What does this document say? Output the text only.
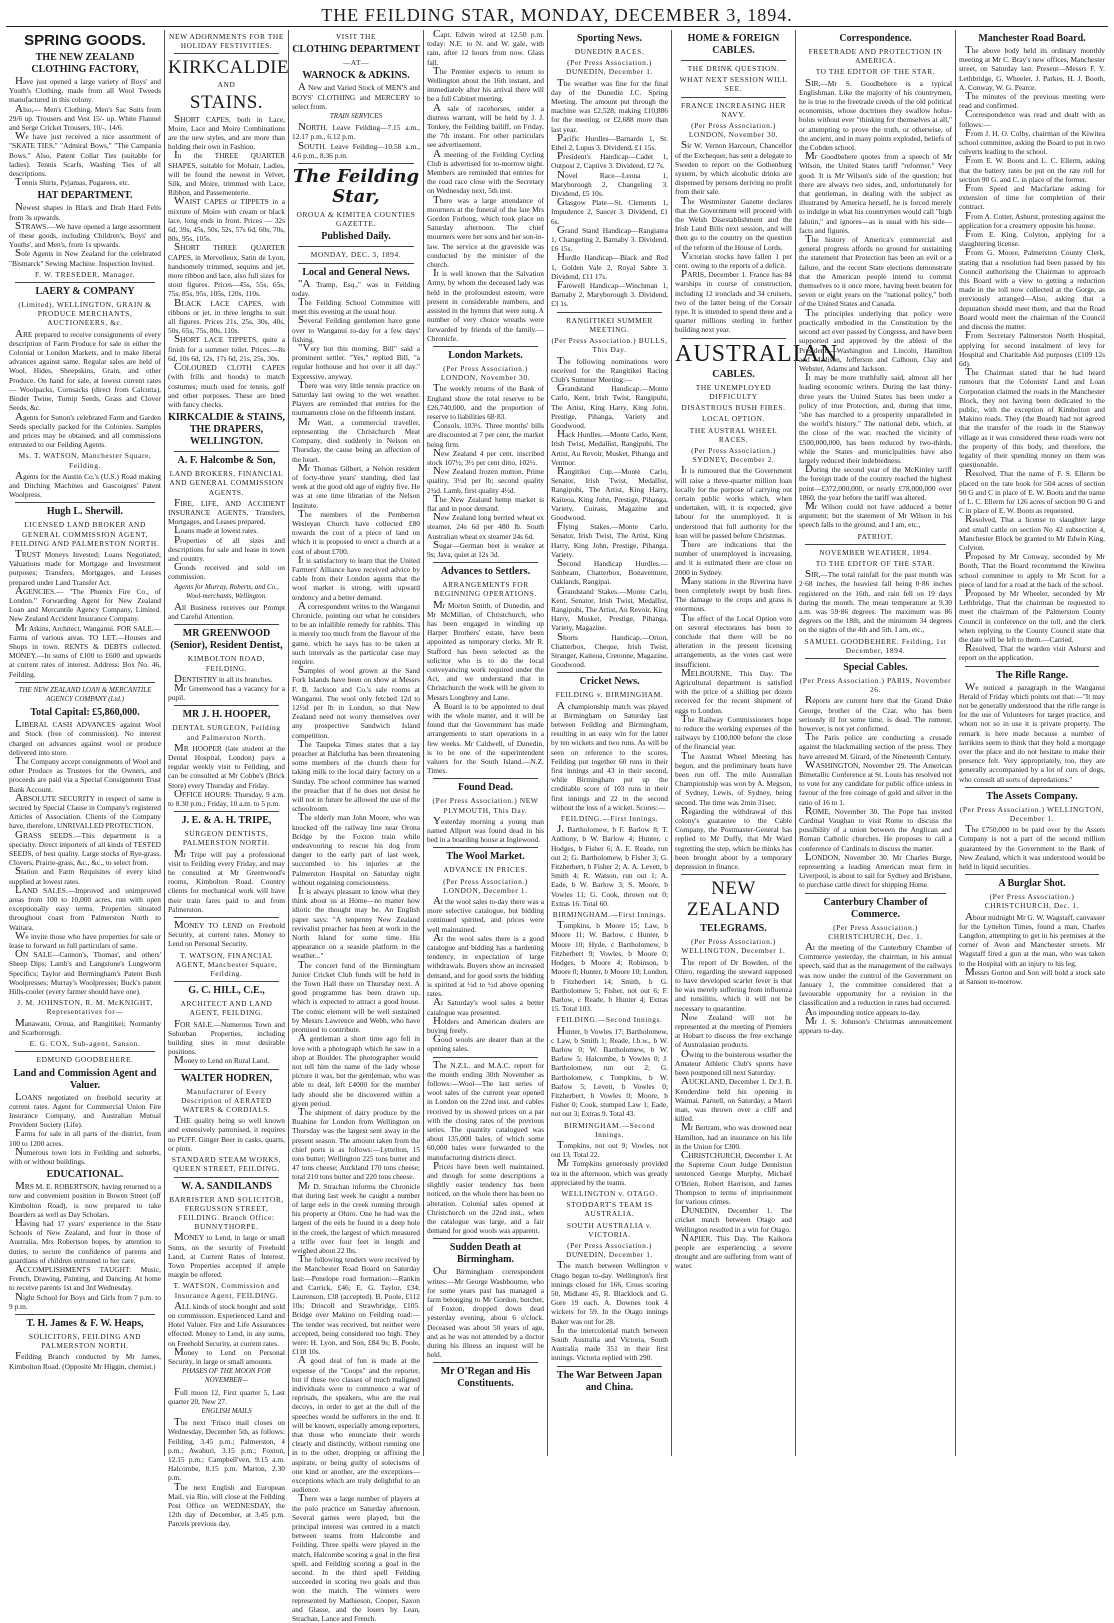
THE FEILDING STAR, MONDAY, DECEMBER 3, 1894.
SPRING GOODS.
THE NEW ZEALAND CLOTHING FACTORY,
Have just opened a large variety of Boys' and Youth's Clothing, made from all Wool Tweeds manufactured in this colony.
Also,— Men's Clothing, Men's Sac Suits from 29/6 up. Trousers and Vest 15/- up. White Flannel and Serge Cricket Trousers, 10/-, 14/6.
We have just received a nice assortment of "SKATE TIES." "Admiral Bows," "The Campania Bows." Also, Patent Collar Ties (suitable for ladies). Tennis Scarfs, Washing Ties of all descriptions.
Tennis Shirts, Pyjamas, Pugarees, etc.
HAT DEPARTMENT.
Newest shapes in Black and Drab Hard Felts from 3s upwards.
STRAWS.—We have opened a large assortment of these goods, including Children's, Boys' and Youths', and Men's, from 1s upwards.
Sole Agents in New Zealand for the celebrated "Bismarck" Sewing Machine. Inspection Invited.
F. W. TRESEDER, Manager.
LAERY & COMPANY
(Limited), WELLINGTON, GRAIN & PRODUCE MERCHANTS, AUCTIONEERS, &c.
ARE prepared to receive consignments of every description of Farm Produce for sale in either the Colonial or London Markets, and to make liberal advances against same. Regular sales are held of Wool, Hides, Sheepskins, Grain, and other Produce. On hand for sale, at lowest current rates — Woolpacks, Cornsacks (direct from Calcutta), Binder Twine, Turnip Seeds, Grass and Clover Seeds, &c.
Agents for Sutton's celebrated Farm and Garden Seeds specially packed for the Colonies. Samples and prices may be obtained, and all commissions entrusted to our Feilding Agents.
Ms. T. WATSON, Manchester Square, Feilding.
Agents for the Austin Co.'s (U.S.) Road making and Ditching Machines and Gascoignes' Patent Woolpress.
Hugh L. Sherwill.
LICENSED LAND BROKER AND GENERAL COMMISSION AGENT, FEILDING AND PALMERSTON NORTH.
TRUST Moneys Invested; Loans Negotiated; Valuations made for Mortgage and Investment purposes; Transfers, Mortgages, and Leases prepared under Land Transfer Act.
AGENCIES.— "The Phœnix Fire Co., of London." Forwarding Agent for New Zealand Loan and Mercantile Agency Company, Limited. New Zealand Accident Insurance Company.
Mr Atkins, Architect, Wanganui. FOR SALE.—Farms of various areas. TO LET.—Houses and Shops in town. RENTS & DEBTS collected. MONEY.—In sums of £100 to £600 and upwards at current rates of interest. Address: Box No. 46, Feilding.
THE NEW ZEALAND LOAN & MERCANTILE AGENCY COMPANY (Ltd.)
Total Capital: £5,860,000.
LIBERAL CASH ADVANCES against Wool and Stock (free of commission). No interest charged on advances against wool or produce delivered into store.
The Company accept consignments of Wool and other Produce as Trustees for the Owners, and proceeds are paid via a Special Consignment Trust Bank Account.
ABSOLUTE SECURITY in respect of same is secured by Special Clause in Company's registered Articles of Association. Clients of the Company have, therefore, UNRIVALLED PROTECTION.
GRASS SEEDS.—This department is a specialty. Direct importers of all kinds of TESTED SEEDS, of best quality. Large stocks of Rye-grass, Clovers, Prairie-grass, &c., &c., to select from.
Station and Farm Requisites of every kind supplied at lowest rates.
LAND SALES.—Improved and unimproved areas from 100 to 10,000 acres, run with open exceptionally easy terms. Properties situated throughout coast from Palmerston North to Waitara.
We invite those who have properties for sale or lease to forward us full particulars of same.
ON SALE—Cannon's, Thomas', and others' Sheep Dips; Lamb's and Langstone's Lungworm Specifics; Taylor and Bermingham's Patent Bush Woolpresses; Murray's Woolpresses; Buck's patent Hills-cooler (every farmer should have one).
J. M. JOHNSTON, R. M. McKNIGHT, Representatives for—
Manawatu, Oroua, and Rangitikei; Normanby and Scarborough.
E. G. COX, Sub-agent, Sanson.
EDMUND GOODBEHERE.
Land and Commission Agent and Valuer.
LOANS negotiated on freehold security at current rates. Agent for Commercial Union Fire Insurance Company, and Australian Mutual Provident Society (Life).
Farms for sale in all parts of the district, from 100 to 1200 acres.
Numerous town lots in Feilding and suburbs, with or without buildings.
EDUCATIONAL.
MRS M. E. ROBERTSON, having returned to a new and convenient position in Bowen Street (off Kimbolton Road), is now prepared to take Boarders as well as Day Scholars.
Having had 17 years' experience in the State Schools of New Zealand, and four in those of Australia, Mrs Robertson hopes, by attention to duties, to secure the confidence of parents and guardians of children entrusted to her care.
ACCOMPLISHMENTS TAUGHT: Music, French, Drawing, Painting, and Dancing. At home to receive parents 1st and 3rd Wednesday.
Night School for Boys and Girls from 7 p.m. to 9 p.m.
T. H. James & F. W. Heaps,
SOLICITORS, FEILDING AND PALMERSTON NORTH.
Feilding Branch conducted by Mr James, Kimbolton Road. (Opposite Mr Higgin, chemist.)
NEW ADORNMENTS FOR THE HOLIDAY FESTIVITIES.
KIRKCALDIE
AND
STAINS.
SHORT CAPES, both in Lace, Moire, Lace and Moire Combinations are the new styles, and are more than holding their own in Fashion.
In the THREE QUARTER SHAPES, suitable for Mohair, Ladies, will be found the newest in Velvet, Silk, and Moire, trimmed with Lace, Ribbon, and Passementerie.
WAIST CAPES or TIPPETS in a mixture of Moire with cream or black lace, long ends in front. Prices — 32s 6d, 39s, 45s, 50s, 52s, 57s 6d, 60s, 70s, 80s, 95s, 105s.
SHORT THREE QUARTER CAPES, in Mervelleux, Satin de Lyon, handsomely trimmed, sequins and jet, more ribbon and lace, also full sizes for stout figures. Prices—45s, 55s, 65s, 75s, 85s, 95s, 105s, 120s, 110s.
BLACK LACE CAPES, with ribbons or jet, in three lengths to suit all figures. Prices 21s, 25s, 30s, 40s, 50s, 65s, 75s, 80s, 110s.
SHORT LACE TIPPETS, quite a finish for a summer toilet. Prices.—8s 6d, 10s 6d, 12s, 17s 6d, 21s, 25s, 30s.
COLOURED CLOTH CAPES (with frills and hoods) to match costumes; much used for tennis, golf and other purposes. These are lined with fancy checks.
KIRKCALDIE & STAINS, THE DRAPERS, WELLINGTON.
A. F. Halcombe & Son,
LAND BROKERS, FINANCIAL AND GENERAL COMMISSION AGENTS.
FIRE, LIFE, AND ACCIDENT INSURANCE AGENTS, Transfers, Mortgages, and Leases prepared.
Loans made at lowest rates.
Properties of all sizes and descriptions for sale and lease in town and country.
Goods received and sold on commission.
Agents for Murray, Roberts, and Co., Wool-merchants, Wellington.
All Business receives our Prompt and Careful Attention.
MR GREENWOOD (Senior), Resident Dentist,
KIMBOLTON ROAD, FEILDING.
DENTISTRY in all its branches.
Mr Greenwood has a vacancy for a pupil.
MR J. H. HOOPER,
DENTAL SURGEON, Feilding and Palmerston North.
MR HOOPER (late student at the Dental Hospital, London) pays a regular weekly visit to Feilding, and can be consulted at Mr Cobbe's (Brick Store) every Thursday and Friday.
OFFICE HOURS: Thursday, 9 a.m. to 8.30 p.m.; Friday, 10 a.m. to 5 p.m.
J. E. & A. H. TRIPE,
SURGEON DENTISTS, PALMERSTON NORTH.
Mr Tripe will pay a professional visit to Feilding every Friday, and may be consulted at Mr Greenwood's rooms, Kimbolton Road. Country clients for mechanical work will have their train fares paid to and from Palmerston.
MONEY TO LEND on Freehold Security, at current rates. Money to Lend on Personal Security.
T. WATSON, FINANCIAL AGENT, Manchester Square, Feilding.
G. C. HILL, C.E.,
ARCHITECT AND LAND AGENT, FEILDING.
FOR SALE.—Numerous Town and Suburban Properties, including building sites in most desirable positions.
Money to Lend on Rural Land.
WALTER HODREN,
Manufacturer of Every Description of AERATED WATERS & CORDIALS.
THE quality being so well known and extensively patronised, it requires no PUFF. Ginger Beer in casks, quarts, or pints.
STANDARD STEAM WORKS, QUEEN STREET, FEILDING.
W. A. SANDILANDS
BARRISTER AND SOLICITOR, FERGUSSON STREET, FEILDING. Branch Office: BUNNYTHORPE.
MONEY to Lend, in large or small Sums, on the security of Freehold Land, at Current Rates of Interest. Town Properties accepted if ample margin be offered.
T. WATSON, Commission and Insurance Agent, FEILDING.
ALL kinds of stock bought and sold on commission. Experienced Land and Hotel Valuer. Fire and Life Assurances effected. Money to Lend, in any sums, on Freehold Security, at current rates.
Money to Lend on Personal Security, in large or small amounts.
PHASES OF THE MOON FOR NOVEMBER—
Full moon 12, First quarter 5, Last quarter 20, New 27.
ENGLISH MAILS
The next 'Frisco mail closes on Wednesday, December 5th, as follows: Feilding, 3.45 p.m.; Palmerston, 4 p.m.; Awahuri, 3.15 p.m.; Foxton, 12.15 p.m.; Campbell'ven, 9.15 a.m. Halcombe, 8.15 p.m. Marton, 2.30 p.m.
The next English and European Mail, via Rio, will close at the Feilding Post Office on WEDNESDAY, the 12th day of December, at 3.45 p.m. Parcels previous day.
VISIT THE
CLOTHING DEPARTMENT
—AT—
WARNOCK & ADKINS.
A New and Varied Stock of MEN'S and BOYS' CLOTHING and MERCERY to select from.
TRAIN SERVICES
NORTH. Leave Feilding—7.15 a.m., 12.17 p.m., 6.12 p.m.
SOUTH. Leave Feilding—10.58 a.m., 4.6 p.m., 8.36 p.m.
The Feilding Star,
OROUA & KIMITEA COUNTIES GAZETTE.
Published Daily.
MONDAY, DEC. 3, 1894.
Local and General News.
"A Tramp, Esq.," was in Feilding today.
The Feilding School Committee will meet this evening at the usual hour.
Several Feilding gentlemen have gone over to Wanganui to-day for a few days' fishing.
"Very hot this morning, Bill" said a prominent settler. "Yes," replied Bill, "a regular hothouse and hot over it all day." Expressive, anyway.
There was very little tennis practice on Saturday last owing to the wet weather. Players are reminded that entries for the tournaments close on the fifteenth instant.
Mr Watt, a commercial traveller, representing the Christchurch Meat Company, died suddenly in Nelson on Thursday, the cause being an affection of the heart.
Mr Thomas Gilbert, a Nelson resident of forty-three years' standing, died last week at the good old age of eighty five. He was at one time librarian of the Nelson Institute.
The members of the Pemberton Wesleyan Church have collected £80 towards the cost of a piece of land on which it is proposed to erect a church at a cost of about £700.
It is satisfactory to learn that the United Farmers' Alliance have received advice by cable from their London agents that the wool market is strong, with upward tendency and a better demand.
A correspondent writes to the Wanganui Chronicle, pointing out what he considers to be an infallible remedy for rabbits. This is merely too much from the flavour of the game, which he says has to be taken at such intervals as the particular case may require.
Samples of wool grown at the Sand Fork Islands have been on show at Messrs F. B. Jackson and Co.'s sale rooms at Wanganui. The wool only fetched 12d to 12½d per lb in London, so that New Zealand need not worry themselves over any prospective Sandwich Island competition.
The Taupeka Times states that a lay preacher at Balclutha has been threatening some members of the church there for taking milk to the local dairy factory on a Sunday. The school committee has warned the preacher that if he does not desist he will not in future be allowed the use of the schoolroom.
The elderly man John Moore, who was knocked off the railway line near Orona Bridge by the Foxton train while endeavouring to rescue his dog from danger to the early part of last week, succumbed to his injuries at the Palmerston Hospital on Saturday night without regaining consciousness.
It is always pleasant to know what they think about us at Home—no matter how idiotic the thought may be. An English paper says: "A tenpenny New Zealand revivalist preacher has been at work in the North Island for some time. His appearance on a seaside platform in the weather..."
The concert fund of the Birmingham Junior Cricket Club funds will be held in the Town Hall there on Thursday next. A good programme has been drawn up, which is expected to attract a good house. The comic element will be well sustained by Messrs Lawrence and Webb, who have promised to contribute.
A gentleman a short time ago fell in love with a photograph which he saw in a shop at Boulder. The photographer would not tell him the name of the lady whose picture it was, but the gentleman, who was able to deal, left £4000 for the member lady should she be discovered within a given period.
The shipment of dairy produce by the Ruahine for London from Wellington on Thursday was the largest sent away in the present season. The amount taken from the chief ports is as follows:—Lyttelton, 15 tons butter; Wellington 225 tons butter and 47 tons cheese; Auckland 170 tons cheese; total 210 tons butter and 220 tons cheese.
Mr D. Strachan informs the Chronicle that during last week he caught a number of large eels in the creek running through his property at Ohiro. One he had was the largest of the eels he found in a deep hole in the creek, the largest of which measured a trifle over four feet in length and weighed about 22 lbs.
The following tenders were received by the Manchester Road Board on Saturday last:—Penelope road formation:—Rankin and Carrick, £46; E. G. Taylor, £34; Laurenson, £38 (accepted). B. Poole, £112 10s; Driscoll and Strawbridge, £105. Bridge over Makino on Feilding road:—The tender was received, but neither were accepted, being considered too high. They were: H. Lyon, and Son, £84 9s; B. Poole, £118 10s.
A good deal of fun is made at the expense of the "Coops" and the reporter, but if these two classes of much maligned individuals were to commence a war of reprisals, the speakers, who are the real decoys, in order to get at the dull of the speeches would be sufferers in the end. It will be known, especially among reporters, that those who enunciate their words clearly and distinctly, without running one in to the other, dropping or affixing the aspirate, or being guilty of solecisms of one kind or another, are the exceptions—exceptions which are truly delightful to an audience.
There was a large number of players at the polo practice on Saturday afternoon. Several games were played, but the principal interest was centred in a match between teams from Halcombe and Feilding. Three spells were played in the match, Halcombe scoring a goal in the first spell, and Feilding scoring a goal in the second. In the third spell Feilding succeeded in scoring two goals and thus won the match. The winners were represented by Mathieson, Cooper, Saxon and Glasse, and the losers by Lean, Strachan, Lance and French.
Capt. Edwin wired at 12.50 p.m. today: N.E. to N. and W. gale, with rain, after 12 hours from now. Glass fall.
The Premier expects to return to Wellington about the 16th instant, and immediately after his arrival there will be a full Cabinet meeting.
A sale of racehorses, under a distress warrant, will be held by J. J. Tonkey, the Feilding bailiff, on Friday, the 7th instant. For other particulars see advertisement.
A meeting of the Feilding Cycling Club is advertised for to-morrow night. Members are reminded that entries for the road race close with the Secretary on Wednesday next, 5th inst.
There was a large attendance of mourners at the funeral of the late Mrs Gordon Forlong, which took place on Saturday afternoon. The chief mourners were her sons and her son-in-law. The service at the graveside was conducted by the minister of the church.
It is well known that the Salvation Army, by whom the deceased lady was held in the profoundest esteem, were present in considerable numbers, and assisted in the hymns that were sung. A number of very choice wreaths were forwarded by friends of the family.—Chronicle.
London Markets.
(Per Press Association.) LONDON, November 30.
The weekly returns of the Bank of England show the total reserve to be £26,740,000, and the proportion of reserve to liabilities 68·83.
Consols, 103½. Three months' bills are discounted at 7 per cent, the market being firm.
New Zealand 4 per cent. inscribed stock 107½; 3½ per cent ditto, 102½.
New Zealand frozen mutton. Prime quality, 3½d per lb; second quality 2¾d. Lamb, first quality 4½d.
The New Zealand hemp market is flat and in poor demand.
New Zealand long berried wheat ex steamer, 24s 6d per 480 lb. South Australian wheat ex steamer 24s 6d.
Sugar—German beet is weaker at 9s; Java, quiet at 12s 3d.
Advances to Settlers.
ARRANGEMENTS FOR BEGINNING OPERATIONS.
Mr Morton Smith, of Dunedin, and Mr McMillan, of Christchurch, who has been engaged in winding up Harper Brothers' estate, have been appointed as temporary clerks. Mr R. Stafford has been selected as the solicitor who is to do the local conveyancing work required under the Act, and we understand that in Christchurch the work will be given to Messrs Longbrey and Lane.
A Board is to be appointed to deal with the whole matter, and it will be found that the Government has made arrangements to start operations in a few weeks. Mr Caldwell, of Dunedin, is to be one of the superintendent valuers for the South Island.—N.Z. Times.
Found Dead.
(Per Press Association.) NEW PLYMOUTH, This Day.
Yesterday morning a young man named Allport was found dead in his bed in a boarding house at Inglewood.
The Wool Market.
ADVANCE IN PRICES.
(Per Press Association.) LONDON, December 1.
At the wool sales to-day there was a more selective catalogue, but bidding continued spirited, and prices were well maintained.
At the wool sales there is a good catalogue and bidding has a hardening tendency, in expectation of large withdrawals. Buyers show an increased demand, and for good sorts the bidding is spirited at ½d to ½d above opening rates.
At Saturday's wool sales a better catalogue was presented.
Holders and American dealers are buying freely.
Good wools are dearer than at the opening sales.
The N.Z.L. and M.A.C. report for the month ending 30th November as follows:—Wool—The last series of wool sales of the current year opened in London on the 22nd inst. and cables received by us showed prices on a par with the closing rates of the previous series. The quantity catalogued was about 135,000 bales, of which some 60,000 bales were forwarded to the manufacturing districts direct.
Prices have been well maintained, and though for some descriptions a slightly easier tendency has been noticed, on the whole there has been no alteration. Colonial sales opened at Christchurch on the 22nd inst., when the catalogue was large, and a fair demand for good wools was apparent.
Sudden Death at Birmingham.
Our Birmingham correspondent writes:—Mr George Washbourne, who for some years past has managed a farm belonging to Mr Gordon, butcher, of Foxton, dropped down dead yesterday evening, about 6 o'clock. Deceased was about 50 years of age, and as he was not attended by a doctor during his illness an inquest will be held.
Mr O'Regan and His Constituents.
Sporting News.
DUNEDIN RACES.
(Per Press Association.) DUNEDIN, December 1.
The weather was fine for the final day of the Dunedin J.C. Spring Meeting. The amount put through the machine was £2,528, making £10,886 for the meeting, or £2,688 more than last year.
Pacific Hurdles—Barnardo 1, St. Ethel 2, Lupus 3. Dividend, £1 15s.
President's Handicap—Cadet 1, Outpost 2, Captive 3. Dividend, £2 7s.
Novel Race—Leona 1, Maryborough 2, Changeling 3. Dividend, £5 10s.
Glasgow Plate—St. Clements 1, Impudence 2, Saucer 3. Dividend, £1 6s.
Grand Stand Handicap—Rangiatea 1, Changeling 2, Barnaby 3. Dividend, £6 15s.
Hurdle Handicap—Black and Red 1, Golden Vale 2, Royal Sabre 3. Dividend, £11 17s.
Farewell Handicap—Winchman 1, Barnaby 2, Maryborough 3. Dividend, £3 1s.
RANGITIKEI SUMMER MEETING.
(Per Press Association.) BULLS, This Day.
The following nominations were received for the Rangitikei Racing Club's Summer Meeting:—
Grandstand Handicap.—Monte Carlo, Kent, Irish Twist, Rangipuhi, The Artist, King Harry, King John, Prestige, Pihanga, Variety and Goodwood.
Hack Hurdles.—Monte Carlo, Kent, Irish Twist, Medallist, Rangipuhi, The Artist, Au Revoir, Musket, Pihanga and Ventnor.
Rangitikei Cup.—Monte Carlo, Senator, Irish Twist, Medallist, Rangipuhi, The Artist, King Harry, Kaiteoa, King John, Prestige, Pihanga, Variety, Cuirass, Magazine and Goodwood.
Flying Stakes.—Monte Carlo, Senator, Irish Twist, The Artist, King Harry, King John, Prestige, Pihanga, Variety.
Second Handicap Hurdles.—Sunbeam, Chatterbox, Bonaventure, Oaklands, Rangipai.
Grandstand Stakes.—Monte Carlo, Kent, Senator, Irish Twist, Medallist, Rangipuhi, The Artist, Au Revoir, King Harry, Musket, Prestige, Pihanga, Variety, Magazine.
Shorts Handicap.—Orion, Chatterbox, Cheque, Irish Twist, Stranger, Kaiteoa, Cretonne, Magazine, Goodwood.
Cricket News.
FEILDING v. BIRMINGHAM.
A championship match was played at Birmingham on Saturday last between Feilding and Birmingham, resulting in an easy win for the latter by ten wickets and two runs. As will be seen on reference to the scores, Feilding put together 60 runs in their first innings and 43 in their second, while Birmingham put up the creditable score of 103 runs in their first innings and 22 in the second without the loss of a wicket. Scores:—
FEILDING.—First Innings.
J. Bartholomew, b F. Barlow 8; T. Anthony, b W. Barlow 4; Hunter, c Hodges, b Fisher 6; A. E. Reade, run out 2; G. Bartholomew, b Fisher 3; G. Fitzherbert, b Fisher 2; A. A. Levett, b Smith 4; R. Watson, run out 1; A. Eade, b W. Barlow 3; S. Moore, b Vowles 11; G. Cook, thrown out 0; Extras 16. Total 60.
BIRMINGHAM.—First Innings.
Tompkins, b Moore 15; Law, b Moore 11; W. Barlow, c Hunter, b Moore 10; Hyde, c Bartholomew, b Fitzherbert 9; Vowles, b Moore 0; Hodges, b Moore 4; Robinson, b Moore 0; Hunter, b Moore 10; London, b Fitzherbert 14; Smith, b G. Bartholomew 5; Fisher, not out 6; F. Barlow, c Reade, b Hunter 4; Extras 15. Total 103.
FEILDING.—Second Innings.
Hunter, b Vowles 17; Bartholomew, c Law, b Smith 1; Reade, l.b.w., b W. Barlow 0; W. Bartholomew, b W. Barlow 5; Halcombe, b Vowles 0; J. Bartholomew, run out 2; G. Bartholomew, c Tompkins, b W. Barlow 5; Levett, b Vowles 0; Fitzherbert, b Vowles 0; Moore, b Fisher 0; Cook, stumped Law 1; Eade, not out 3; Extras 9. Total 43.
BIRMINGHAM.—Second Innings.
Tompkins, not out 9; Vowles, not out 13. Total 22.
Mr Tompkins generously provided tea in the afternoon, which was greatly appreciated by the teams.
WELLINGTON v. OTAGO.
STODDART'S TEAM IS AUSTRALIA.
SOUTH AUSTRALIA v. VICTORIA.
(Per Press Association.) DUNEDIN, December 1.
The match between Wellington v Otago began to-day. Wellington's first innings closed for 166, Cross scoring 50, Midlane 45, R. Blacklock and G. Gore 19 each. A. Downes took 4 wickets for 59. In the Otago innings Baker was out for 28.
In the intercolonial match between South Australia and Victoria, South Australia made 351 in their first innings. Victoria replied with 290.
The War Between Japan and China.
HOME & FOREIGN CABLES.
THE DRINK QUESTION.
WHAT NEXT SESSION WILL SEE.
FRANCE INCREASING HER NAVY.
(Per Press Association.) LONDON, November 30.
Sir W. Vernon Harcourt, Chancellor of the Exchequer, has sent a delegate to Sweden to report on the Gothenburg system, by which alcoholic drinks are dispensed by persons deriving no profit from their sale.
The Westminster Gazette declares that the Government will proceed with the Welsh Disestablishment and the Irish Land Bills next session, and will then go to the country on the question of the reform of the House of Lords.
Victorian stocks have fallen 1 per cent. owing to the reports of a deficit.
PARIS, December 1. France has 84 warships in course of construction, including 12 ironclads and 34 cruisers, two of the latter being of the Corsair type. It is intended to spend three and a quarter millions sterling in further building next year.
AUSTRALIAN
CABLES.
THE UNEMPLOYED DIFFICULTY
DISASTROUS BUSH FIRES.
LOCAL OPTION.
THE AUSTRAL WHEEL RACES.
(Per Press Association.) SYDNEY, December 2.
It is rumoured that the Government will raise a three-quarter million loan locally for the purpose of carrying out certain public works which, when undertaken, will, it is expected, give labour for the unemployed. It is understood that full authority for the loan will be passed before Christmas.
There are indications that the number of unemployed is increasing, and it is estimated there are close on 2000 in Sydney.
Many stations in the Riverina have been completely swept by bush fires. The damage to the crops and grass is enormous.
The effect of the Local Option vote on several electorates has been to conclude that there will be no alteration in the present licensing arrangements, as the votes cast were insufficient.
MELBOURNE, This Day. The Agricultural department is satisfied with the price of a shilling per dozen received for the recent shipment of eggs to London.
The Railway Commissioners hope to reduce the working expenses of the railways by £100,000 before the close of the financial year.
The Austral Wheel Meeting has begun, and the preliminary heats have been run off. The mile Australian Championship was won by A. Megson, of Sydney, Lewis, of Sydney, being second. The time was 2min 31sec.
Regarding the withdrawal of this colony's guarantee to the Cable Company, the Postmaster-General has replied to Mr Duffy, that Mr Ward regretting the step, which he thinks has been brought about by a temporary depression in finance.
NEW ZEALAND
TELEGRAMS.
(Per Press Association.) WELLINGTON, December 1.
The report of Dr Bowden, of the Ohiro, regarding the steward supposed to have developed scarlet fever is that he was merely suffering from influenza and tonsilitis, which it will not be necessary to quarantine.
New Zealand will not be represented at the meeting of Premiers at Hobart to discuss the free exchange of Australasian products.
Owing to the boisterous weather the Amateur Athletic Club's sports have been postponed till next Saturday.
AUCKLAND, December 1. Dr J. B. Kenderdine held his opening in Waimai. Parnell, on Saturday, a Maori man, was thrown over a cliff and killed.
Mr Bertram, who was drowned near Hamilton, had an insurance on his life in the Union for £300.
CHRISTCHURCH, December 1. At the Supreme Court Judge Denniston sentenced George Murphy, Michael O'Brien, Robert Harrison, and James Thompson to terms of imprisonment for various crimes.
DUNEDIN, December 1. The cricket match between Otago and Wellington resulted in a win for Otago.
NAPIER, This Day. The Kaikora people are experiencing a severe drought and are suffering from want of water.
Correspondence.
FREETRADE AND PROTECTION IN AMERICA.
TO THE EDITOR OF THE STAR.
SIR,—Mr S. Goodbehere is a typical Englishman. Like the majority of his countrymen, he is true to the freetrade creeds of the old political economists, whose doctrines they swallow holus-bolus without ever "thinking for themselves at all," or attempting to prove the truth, or otherwise, of the ancient, and in many points exploded, beliefs of the Cobden school.
Mr Goodbehere quotes from a speech of Mr Wilson, the United States tariff "reformer." Very good. It is Mr Wilson's side of the question; but there are always two sides, and, unfortunately for that gentleman, in dealing with the subject as illustrated by America herself, he is forced merely to indulge in what his countrymen would call "high falutin," and ignores—as is usual with his side—facts and figures.
The history of America's commercial and general progress affords no ground for sustaining the statement that Protection has been an evil or a failure, and the recent State elections demonstrate that the American people intend to commit themselves to it once more, having been beaten for seven or eight years on the "national policy," both of the United States and Canada.
The principles underlying that policy were practically embodied in the Constitution by the second act ever passed by Congress, and have been supported and approved by the ablest of the Presidents—Washington and Lincoln, Hamilton and Madison, Jefferson and Calhoun, Clay and Webster, Adams and Jackson.
It may be more truthfully said, almost all her leading economic writers. During the last thirty-three years the United States has been under a policy of true Protection, and, during that time, "she has marched to a prosperity unparalleled in the world's history." The national debt, which, at the close of the war, reached the vicinity of £500,000,000, has been reduced by two-thirds, while the States and municipalities have also largely reduced their indebtedness.
During the second year of the McKinley tariff the foreign trade of the country reached the highest point—£372,000,000, or nearly £78,000,000 over 1860, the year before the tariff was altered.
Mr Wilson could not have adduced a better argument; but the statement of Mr Wilson in his speech falls to the ground, and I am, etc.,
PATRIOT.
NOVEMBER WEATHER, 1894.
TO THE EDITOR OF THE STAR.
SIR,—The total rainfall for the past month was 2·68 inches, the heaviest fall being 0·86 inches registered on the 16th, and rain fell on 19 days during the month. The mean temperature at 9.30 a.m. was 59·86 degrees. The maximum was 86 degrees on the 18th, and the minimum 34 degrees on the nights of the 4th and 5th. I am, etc.,
SAMUEL GOODBEHERE. Feilding, 1st December, 1894.
Special Cables.
(Per Press Association.) PARIS, November 26.
Reports are current here that the Grand Duke George, brother of the Czar, who has been seriously ill for some time, is dead. The rumour, however, is not yet confirmed.
The Paris police are conducting a crusade against the blackmailing section of the press. They have arrested M. Girard, of the Nineteenth Century.
WASHINGTON, November 29. The American Bimetallic Conference at St. Louis has resolved not to vote for any candidate for public office unless in favour of the free coinage of gold and silver in the ratio of 16 to 1.
ROME, November 30. The Pope has invited Cardinal Vaughan to visit Rome to discuss the possibility of a union between the Anglican and Roman Catholic churches. He proposes to call a conference of Cardinals to discuss the matter.
LONDON, November 30. Mr Charles Burge, representing a leading American meat firm in Liverpool, is about to sail for Sydney and Brisbane, to purchase cattle direct for shipping Home.
Canterbury Chamber of Commerce.
(Per Press Association.) CHRISTCHURCH, Dec. 1.
At the meeting of the Canterbury Chamber of Commerce yesterday, the chairman, in his annual speech, said that as the management of the railways was now under the control of the Government on January 1, the committee considered that a favourable opportunity for a revision in the classification and a reduction in rates had occurred.
An impounding notice appears to-day.
Mr J. S. Johnson's Christmas announcement appears to-day.
Manchester Road Board.
The above body held its ordinary monthly meeting at Mr C. Bray's new offices, Manchester street, on Saturday last. Present—Messrs F. Y. Lethbridge, G. Wheeler, J. Parkes, H. J. Booth, A. Conway, W. G. Pearce.
The minutes of the previous meeting were read and confirmed.
Correspondence was read and dealt with as follows:—
From J. H. O. Colby, chairman of the Kiwitea school committee, asking the Board to put in two culverts leading to the school.
From E. W. Boots and L. C. Ellerm, asking that the battery rates be put on the rate roll for section 90 G. and C. in place of the former.
From Speed and Macfarlane asking for extension of time for completion of their contract.
From A. Cotter, Ashurst, protesting against the application for a creamery opposite his house.
From E. King, Colyton, applying for a slaughtering license.
From G. Moore, Palmerston County Clerk, stating that a resolution had been passed by his Council authorising the Chairman to approach this Board with a view to getting a reduction made in the toll now collected at the Gorge, as previously arranged—Also, asking that a deputation should meet them, and that the Road Board would meet the chairman of the Council and discuss the matter.
From Secretary Palmerston North Hospital, applying for second instalment of levy for Hospital and Charitable Aid purposes (£109 12s 6d).
The Chairman stated that he had heard rumours that the Colonists' Land and Loan Corporation claimed the roads in the Manchester Block, they not having been dedicated to the public, with the exception of Kimbolton and Makino roads. They (the Board) had not agreed that the transfer of the roads in the Stanway village as it was considered these roads were not the property of this body, and therefore, the legality of their spending money on them was questionable.
Resolved, That the name of F. S. Ellerm be placed on the rate book for 504 acres of section 90 G and C in place of E. W. Boots and the name of L. C. Ellerm for 126 acres of section 90 G and C in place of E. W. Boots as requested.
Resolved, That a license to slaughter large and small cattle on section No 42 subsection 4, Manchester Block be granted to Mr Edwin King, Colyton.
Proposed by Mr Conway, seconded by Mr Booth, That the Board recommend the Kiwitea school committee to apply to Mr Scott for a piece of land for a road at the back of the school.
Proposed by Mr Wheeler, seconded by Mr Lethbridge, That the chairman be requested to meet the chairman of the Palmerston County Council in conference on the toll, and the clerk when replying to the County Council state that the date will be left to them.—Carried.
Resolved, That the warden visit Ashurst and report on the application.
The Rifle Range.
We noticed a paragraph in the Wanganui Herald of Friday which points out that:—"It may not be generally understood that the rifle range is for the use of Volunteers for target practice, and whom not so in use it is private property. The remark is here made because a number of larrikins seem to think that they hold a mortgage over the place and do not hesitate to make their presence felt. Very appropriately, too, they are generally accompanied by a lot of curs of dogs, who consult all sorts of depredations."
The Assets Company.
(Per Press Association.) WELLINGTON, December 1.
The £750,000 to be paid over by the Assets Company is not a part of the second million guaranteed by the Government to the Bank of New Zealand, which it was understood would be held in liquid securities.
A Burglar Shot.
(Per Press Association.) CHRISTCHURCH, Dec. 1.
About midnight Mr G. W. Wagstaff, canvasser for the Lyttelton Times, found a man, Charles Langdon, attempting to get in his premises at the corner of Avon and Manchester streets. Mr Wagstaff fired a gun at the man, who was taken to the Hospital with an injury to his leg.
Messrs Gorton and Son will hold a stock sale at Sanson to-morrow.
